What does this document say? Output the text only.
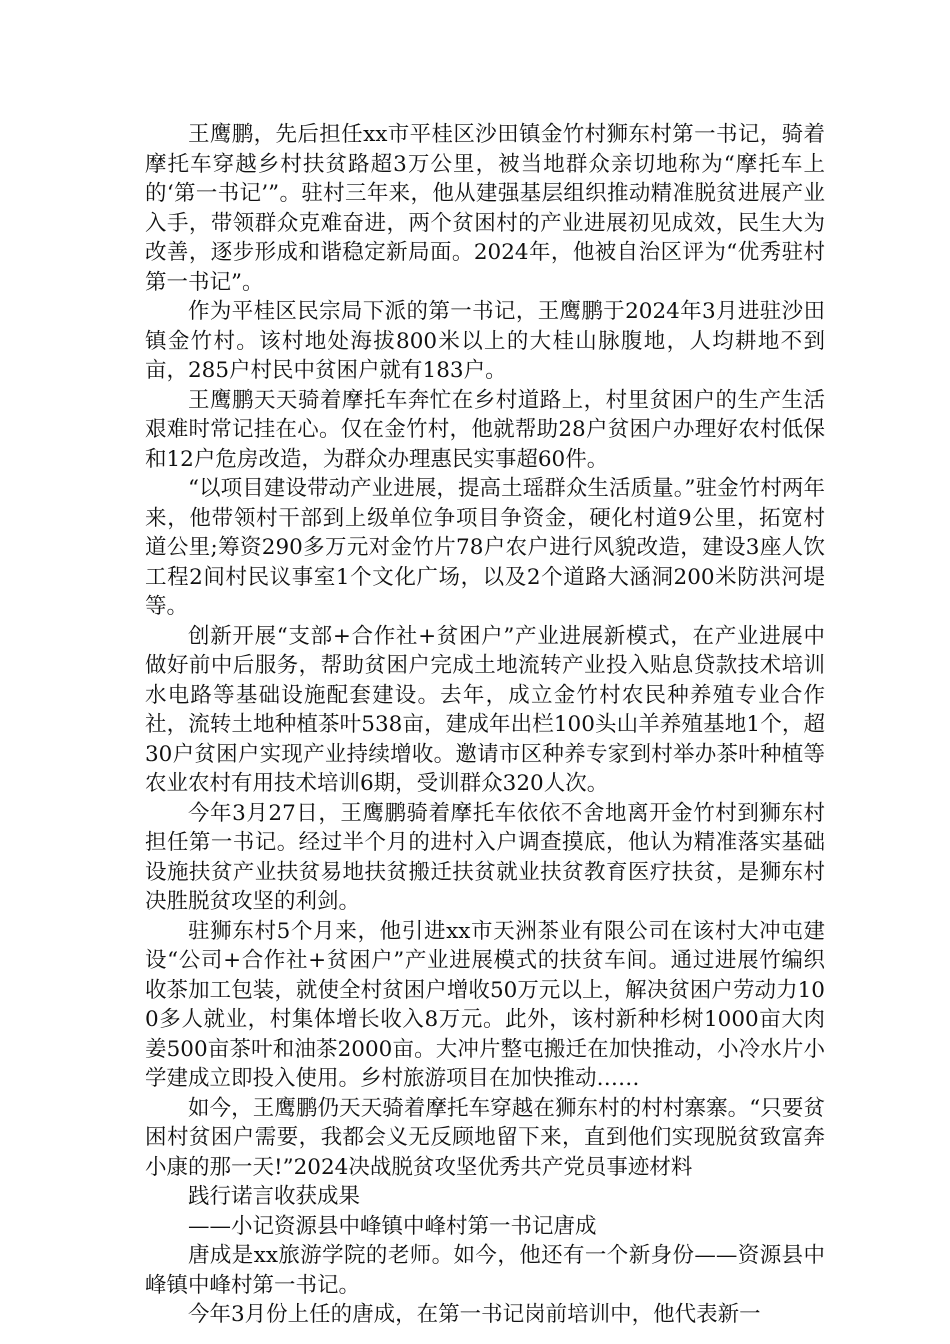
王鹰鹏，先后担任xx市平桂区沙田镇金竹村狮东村第一书记，骑着摩托车穿越乡村扶贫路超3万公里，被当地群众亲切地称为“摩托车上的‘第一书记’”。驻村三年来，他从建强基层组织推动精准脱贫进展产业入手，带领群众克难奋进，两个贫困村的产业进展初见成效，民生大为改善，逐步形成和谐稳定新局面。2024年，他被自治区评为“优秀驻村第一书记”。

作为平桂区民宗局下派的第一书记，王鹰鹏于2024年3月进驻沙田镇金竹村。该村地处海拔800米以上的大桂山脉腹地，人均耕地不到亩，285户村民中贫困户就有183户。

王鹰鹏天天骑着摩托车奔忙在乡村道路上，村里贫困户的生产生活艰难时常记挂在心。仅在金竹村，他就帮助28户贫困户办理好农村低保和12户危房改造，为群众办理惠民实事超60件。

“以项目建设带动产业进展，提高土瑶群众生活质量。”驻金竹村两年来，他带领村干部到上级单位争项目争资金，硬化村道9公里，拓宽村道公里;筹资290多万元对金竹片78户农户进行风貌改造，建设3座人饮工程2间村民议事室1个文化广场，以及2个道路大涵洞200米防洪河堤等。

创新开展“支部+合作社+贫困户”产业进展新模式，在产业进展中做好前中后服务，帮助贫困户完成土地流转产业投入贴息贷款技术培训水电路等基础设施配套建设。去年，成立金竹村农民种养殖专业合作社，流转土地种植茶叶538亩，建成年出栏100头山羊养殖基地1个，超30户贫困户实现产业持续增收。邀请市区种养专家到村举办茶叶种植等农业农村有用技术培训6期，受训群众320人次。

今年3月27日，王鹰鹏骑着摩托车依依不舍地离开金竹村到狮东村担任第一书记。经过半个月的进村入户调查摸底，他认为精准落实基础设施扶贫产业扶贫易地扶贫搬迁扶贫就业扶贫教育医疗扶贫，是狮东村决胜脱贫攻坚的利剑。

驻狮东村5个月来，他引进xx市天洲茶业有限公司在该村大冲屯建设“公司+合作社+贫困户”产业进展模式的扶贫车间。通过进展竹编织收茶加工包装，就使全村贫困户增收50万元以上，解决贫困户劳动力100多人就业，村集体增长收入8万元。此外，该村新种杉树1000亩大肉姜500亩茶叶和油茶2000亩。大冲片整屯搬迁在加快推动，小冷水片小学建成立即投入使用。乡村旅游项目在加快推动……

如今，王鹰鹏仍天天骑着摩托车穿越在狮东村的村村寨寨。“只要贫困村贫困户需要，我都会义无反顾地留下来，直到他们实现脱贫致富奔小康的那一天!”2024决战脱贫攻坚优秀共产党员事迹材料

践行诺言收获成果

——小记资源县中峰镇中峰村第一书记唐成

唐成是xx旅游学院的老师。如今，他还有一个新身份——资源县中峰镇中峰村第一书记。

今年3月份上任的唐成，在第一书记岗前培训中，他代表新一
